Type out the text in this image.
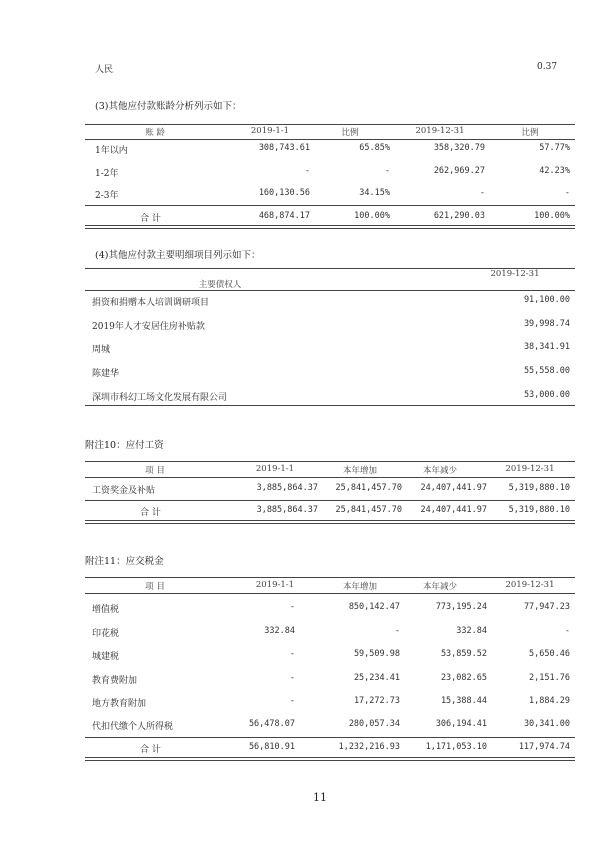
人民	0.37
(3)其他应付款账龄分析列示如下：
账 龄	2019-1-1	比例	2019-12-31	比例
1年以内	308,743.61	65.85%	358,320.79	57.77%
1-2年	-	-	262,969.27	42.23%
2-3年	160,130.56	34.15%	-	-
合 计	468,874.17	100.00%	621,290.03	100.00%
(4)其他应付款主要明细项目列示如下：
主要债权人
2019-12-31
捐资和捐赠本人培训调研项目	91,100.00
2019年人才安居住房补贴款	39,998.74
周城	38,341.91
陈建华	55,558.00
深圳市科幻工场文化发展有限公司	53,000.00
附注10：应付工资
项 目	2019-1-1	本年增加	本年减少	2019-12-31
工资奖金及补贴	3,885,864.37	25,841,457.70	24,407,441.97	5,319,880.10
合 计	3,885,864.37	25,841,457.70	24,407,441.97	5,319,880.10
附注11：应交税金
项 目	2019-1-1	本年增加	本年减少	2019-12-31
增值税	-	850,142.47	773,195.24	77,947.23
印花税	332.84	-	332.84	-
城建税	-	59,509.98	53,859.52	5,650.46
教育费附加	-	25,234.41	23,082.65	2,151.76
地方教育附加	-	17,272.73	15,388.44	1,884.29
代扣代缴个人所得税	56,478.07	280,057.34	306,194.41	30,341.00
合 计	56,810.91	1,232,216.93	1,171,053.10	117,974.74
11
